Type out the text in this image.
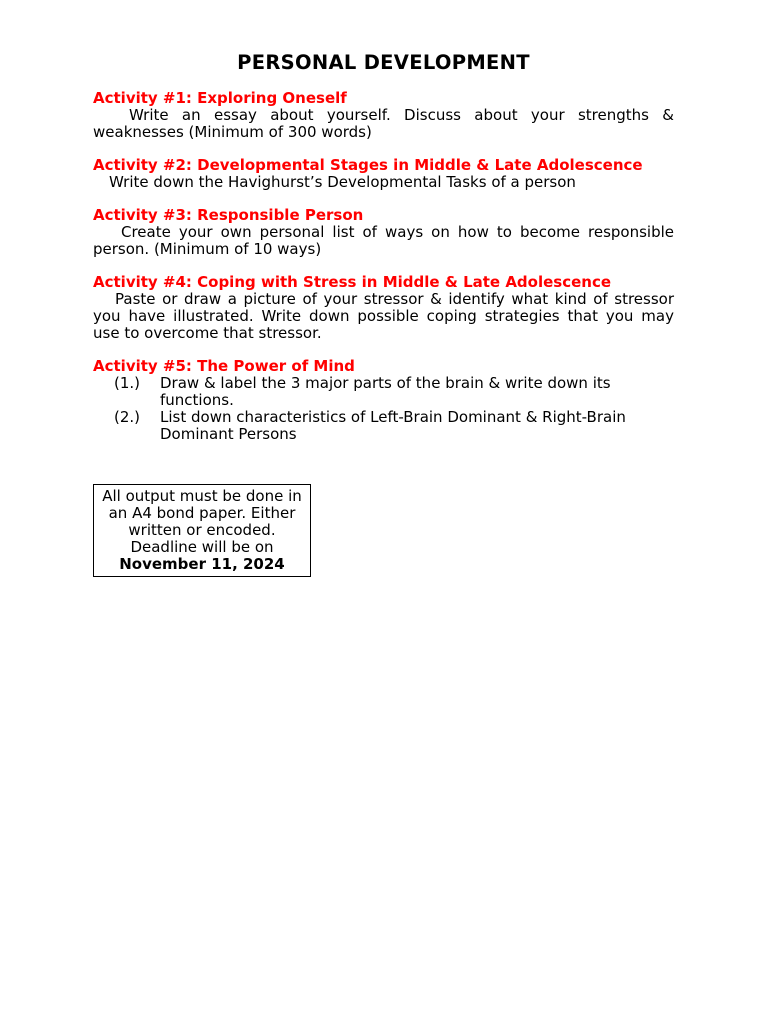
PERSONAL DEVELOPMENT

Activity #1: Exploring Oneself

Write an essay about yourself. Discuss about your strengths & weaknesses (Minimum of 300 words)

Activity #2: Developmental Stages in Middle & Late Adolescence

Write down the Havighurst’s Developmental Tasks of a person

Activity #3: Responsible Person

Create your own personal list of ways on how to become responsible person. (Minimum of 10 ways)

Activity #4: Coping with Stress in Middle & Late Adolescence

Paste or draw a picture of your stressor & identify what kind of stressor you have illustrated. Write down possible coping strategies that you may use to overcome that stressor.

Activity #5: The Power of Mind

(1.)	Draw & label the 3 major parts of the brain & write down its functions.
(2.)	List down characteristics of Left-Brain Dominant & Right-Brain Dominant Persons
All output must be done in an A4 bond paper. Either written or encoded. Deadline will be on November 11, 2024
